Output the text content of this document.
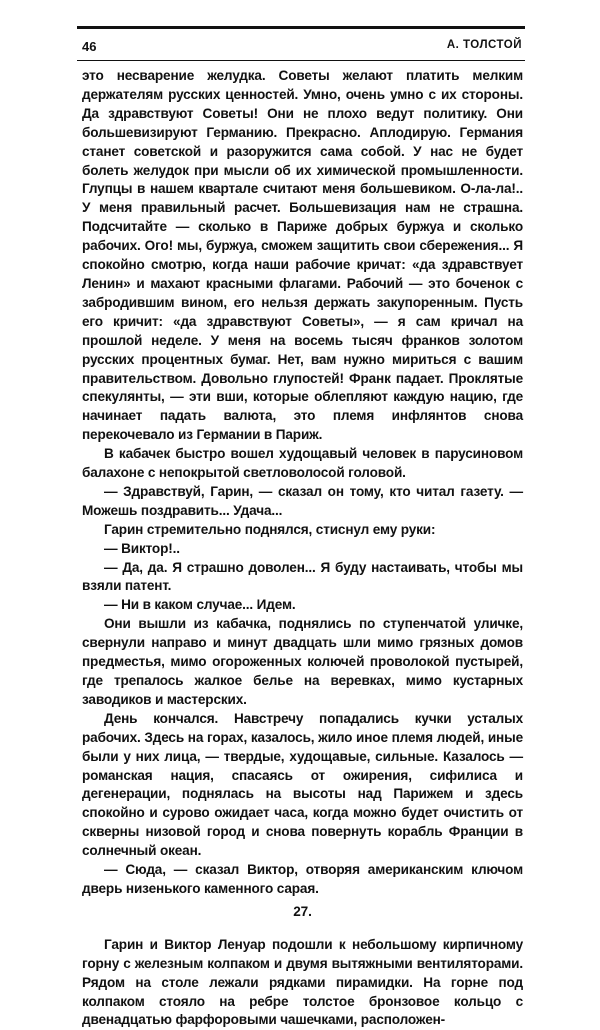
46	А. ТОЛСТОЙ

это несварение желудка. Советы желают платить мелким держателям русских ценностей. Умно, очень умно с их стороны. Да здравствуют Советы! Они не плохо ведут политику. Они большевизируют Германию. Прекрасно. Аплодирую. Германия станет советской и разоружится сама собой. У нас не будет болеть желудок при мысли об их химической промышленности. Глупцы в нашем квартале считают меня большевиком. О-ла-ла!.. У меня правильный расчет. Большевизация нам не страшна. Подсчитайте — сколько в Париже добрых буржуа и сколько рабочих. Ого! мы, буржуа, сможем защитить свои сбережения... Я спокойно смотрю, когда наши рабочие кричат: «да здравствует Ленин» и махают красными флагами. Рабочий — это боченок с забродившим вином, его нельзя держать закупоренным. Пусть его кричит: «да здравствуют Советы», — я сам кричал на прошлой неделе. У меня на восемь тысяч франков золотом русских процентных бумаг. Нет, вам нужно мириться с вашим правительством. Довольно глупостей! Франк падает. Проклятые спекулянты, — эти вши, которые облепляют каждую нацию, где начинает падать валюта, это племя инфлянтов снова перекочевало из Германии в Париж.

В кабачек быстро вошел худощавый человек в парусиновом балахоне с непокрытой светловолосой головой.

— Здравствуй, Гарин, — сказал он тому, кто читал газету. — Можешь поздравить... Удача...

Гарин стремительно поднялся, стиснул ему руки:

— Виктор!..

— Да, да. Я страшно доволен... Я буду настаивать, чтобы мы взяли патент.

— Ни в каком случае... Идем.

Они вышли из кабачка, поднялись по ступенчатой уличке, свернули направо и минут двадцать шли мимо грязных домов предместья, мимо огороженных колючей проволокой пустырей, где трепалось жалкое белье на веревках, мимо кустарных заводиков и мастерских.

День кончался. Навстречу попадались кучки усталых рабочих. Здесь на горах, казалось, жило иное племя людей, иные были у них лица, — твердые, худощавые, сильные. Казалось — романская нация, спасаясь от ожирения, сифилиса и дегенерации, поднялась на высоты над Парижем и здесь спокойно и сурово ожидает часа, когда можно будет очистить от скверны низовой город и снова повернуть корабль Франции в солнечный океан.

— Сюда, — сказал Виктор, отворяя американским ключом дверь низенького каменного сарая.

27.

Гарин и Виктор Ленуар подошли к небольшому кирпичному горну с железным колпаком и двумя вытяжными вентиляторами. Рядом на столе лежали рядками пирамидки. На горне под колпаком стояло на ребре толстое бронзовое кольцо с двенадцатью фарфоровыми чашечками, расположен-
